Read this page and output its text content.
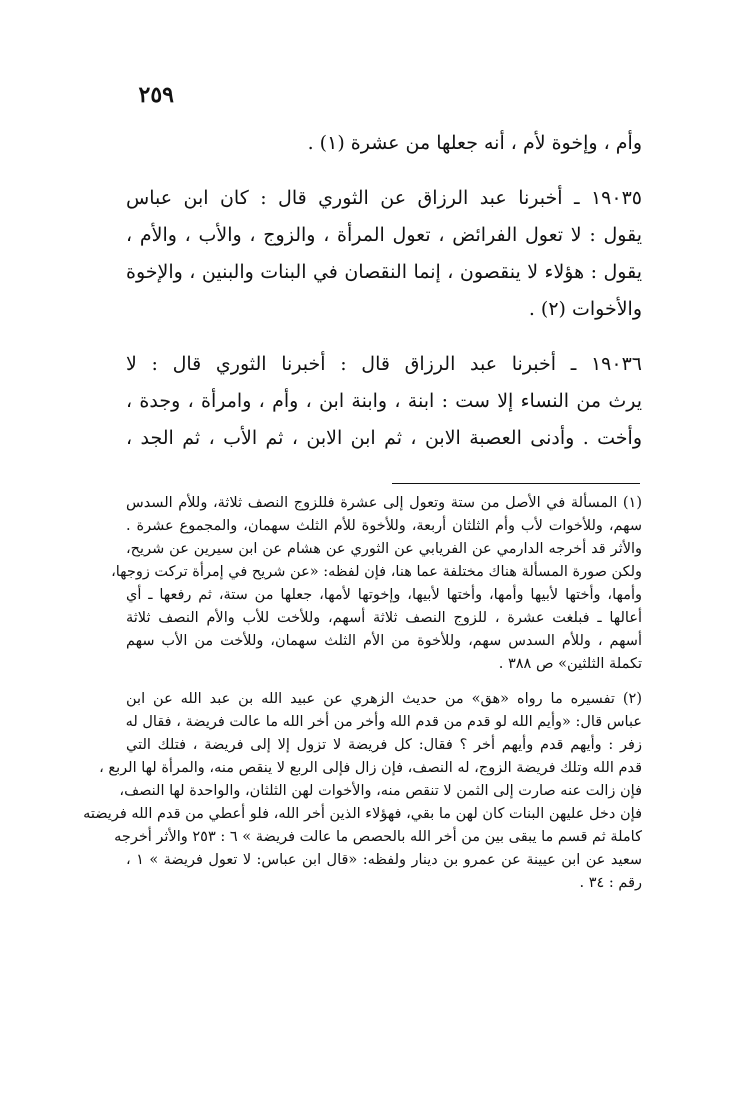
٢٥٩

وأم ، وإخوة لأم ، أنه جعلها من عشرة (١) .

١٩٠٣٥ ـ أخبرنا عبد الرزاق عن الثوري قال : كان ابن عباس
يقول : لا تعول الفرائض ، تعول المرأة ، والزوج ، والأب ، والأم ،
يقول : هؤلاء لا ينقصون ، إنما النقصان في البنات والبنين ، والإخوة
والأخوات (٢) .

١٩٠٣٦ ـ أخبرنا عبد الرزاق قال : أخبرنا الثوري قال : لا
يرث من النساء إلا ست : ابنة ، وابنة ابن ، وأم ، وامرأة ، وجدة ،
وأخت . وأدنى العصبة الابن ، ثم ابن الابن ، ثم الأب ، ثم الجد ،

(١) المسألة في الأصل من ستة وتعول إلى عشرة فللزوج النصف ثلاثة، وللأم السدس
سهم، وللأخوات لأب وأم الثلثان أربعة، وللأخوة للأم الثلث سهمان، والمجموع عشرة .
والأثر قد أخرجه الدارمي عن الفريابي عن الثوري عن هشام عن ابن سيرين عن شريح،
ولكن صورة المسألة هناك مختلفة عما هنا، فإن لفظه: «عن شريح في إمرأة تركت زوجها،
وأمها، وأختها لأبيها وأمها، وأختها لأبيها، وإخوتها لأمها، جعلها من ستة، ثم رفعها ـ أي
أعالها ـ فبلغت عشرة ، للزوج النصف ثلاثة أسهم، وللأخت للأب والأم النصف ثلاثة
أسهم ، وللأم السدس سهم، وللأخوة من الأم الثلث سهمان، وللأخت من الأب سهم
تكملة الثلثين» ص ٣٨٨ .

(٢) تفسيره ما رواه «هق» من حديث الزهري عن عبيد الله بن عبد الله عن ابن
عباس قال: «وأيم الله لو قدم من قدم الله وأخر من أخر الله ما عالت فريضة ، فقال له
زفر : وأيهم قدم وأيهم أخر ؟ فقال: كل فريضة لا تزول إلا إلى فريضة ، فتلك التي
قدم الله وتلك فريضة الزوج، له النصف، فإن زال فإلى الربع لا ينقص منه، والمرأة لها الربع ،
فإن زالت عنه صارت إلى الثمن لا تنقص منه، والأخوات لهن الثلثان، والواحدة لها النصف،
فإن دخل عليهن البنات كان لهن ما بقي، فهؤلاء الذين أخر الله، فلو أعطي من قدم الله فريضته
كاملة ثم قسم ما يبقى بين من أخر الله بالحصص ما عالت فريضة » ٦ : ٢٥٣ والأثر أخرجه
سعيد عن ابن عيينة عن عمرو بن دينار ولفظه: «قال ابن عباس: لا تعول فريضة » ١ ،
رقم : ٣٤ .
